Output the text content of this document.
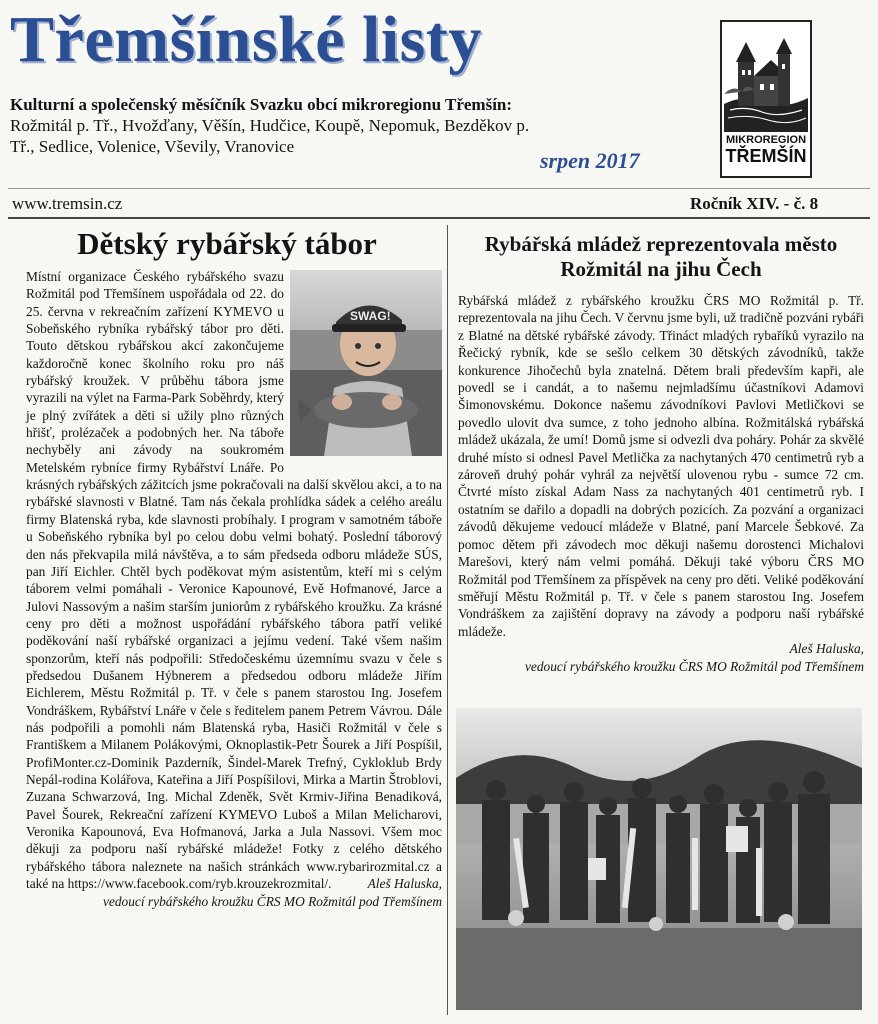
Třemšínské listy
Kulturní a společenský měsíčník Svazku obcí mikroregionu Třemšín: Rožmitál p. Tř., Hvožďany, Věšín, Hudčice, Koupě, Nepomuk, Bezděkov p. Tř., Sedlice, Volenice, Vševily, Vranovice
srpen 2017
MIKROREGION
TŘEMŠÍN
www.tremsin.cz	Ročník XIV. - č. 8
Dětský rybářský tábor
SWAG!
Místní organizace Českého rybářského svazu Rožmitál pod Třemšínem uspořádala od 22. do 25. června v rekreačním zařízení KYMEVO u Sobeňského rybníka rybářský tábor pro děti. Touto dětskou rybářskou akcí zakončujeme každoročně konec školního roku pro náš rybářský kroužek. V průběhu tábora jsme vyrazili na výlet na Farma-Park Soběhrdy, který je plný zvířátek a děti si užily plno různých hřišť, prolézaček a podobných her. Na táboře nechyběly ani závody na soukromém Metelském rybníce firmy Rybářství Lnáře. Po krásných rybářských zážitcích jsme pokračovali na další skvělou akci, a to na rybářské slavnosti v Blatné. Tam nás čekala prohlídka sádek a celého areálu firmy Blatenská ryba, kde slavnosti probíhaly. I program v samotném táboře u Sobeňského rybníka byl po celou dobu velmi bohatý. Poslední táborový den nás překvapila milá návštěva, a to sám předseda odboru mládeže SÚS, pan Jiří Eichler. Chtěl bych poděkovat mým asistentům, kteří mi s celým táborem velmi pomáhali - Veronice Kapounové, Evě Hofmanové, Jarce a Julovi Nassovým a našim starším juniorům z rybářského kroužku. Za krásné ceny pro děti a možnost uspořádání rybářského tábora patří veliké poděkování naší rybářské organizaci a jejímu vedení. Také všem našim sponzorům, kteří nás podpořili: Středočeskému územnímu svazu v čele s předsedou Dušanem Hýbnerem a předsedou odboru mládeže Jiřím Eichlerem, Městu Rožmitál p. Tř. v čele s panem starostou Ing. Josefem Vondráškem, Rybářství Lnáře v čele s ředitelem panem Petrem Vávrou. Dále nás podpořili a pomohli nám Blatenská ryba, Hasiči Rožmitál v čele s Františkem a Milanem Polákovými, Oknoplastik-Petr Šourek a Jiří Pospíšil, ProfiMonter.cz-Dominik Pazderník, Šindel-Marek Trefný, Cykloklub Brdy Nepál-rodina Kolářova, Kateřina a Jiří Pospíšilovi, Mirka a Martin Štroblovi, Zuzana Schwarzová, Ing. Michal Zdeněk, Svět Krmiv-Jiřina Benadiková, Pavel Šourek, Rekreační zařízení KYMEVO Luboš a Milan Melicharovi, Veronika Kapounová, Eva Hofmanová, Jarka a Jula Nassovi. Všem moc děkuji za podporu naší rybářské mládeže! Fotky z celého dětského rybářského tábora naleznete na našich stránkách www.rybarirozmital.cz a také na https://www.facebook.com/ryb.krouzekrozmital/.	Aleš Haluska,
vedoucí rybářského kroužku ČRS MO Rožmitál pod Třemšínem
Rybářská mládež reprezentovala město Rožmitál na jihu Čech
Rybářská mládež z rybářského kroužku ČRS MO Rožmitál p. Tř. reprezentovala na jihu Čech. V červnu jsme byli, už tradičně pozváni rybáři z Blatné na dětské rybářské závody. Třináct mladých rybaříků vyrazilo na Řečický rybník, kde se sešlo celkem 30 dětských závodníků, takže konkurence Jihočechů byla znatelná. Dětem brali především kapři, ale povedl se i candát, a to našemu nejmladšímu účastníkovi Adamovi Šimonovskému. Dokonce našemu závodníkovi Pavlovi Metličkovi se povedlo ulovit dva sumce, z toho jednoho albína. Rožmitálská rybářská mládež ukázala, že umí! Domů jsme si odvezli dva poháry. Pohár za skvělé druhé místo si odnesl Pavel Metlička za nachytaných 470 centimetrů ryb a zároveň druhý pohár vyhrál za největší ulovenou rybu - sumce 72 cm. Čtvrté místo získal Adam Nass za nachytaných 401 centimetrů ryb. I ostatním se dařilo a dopadli na dobrých pozicích. Za pozvání a organizaci závodů děkujeme vedoucí mládeže v Blatné, paní Marcele Šebkové. Za pomoc dětem při závodech moc děkuji našemu dorostenci Michalovi Marešovi, který nám velmi pomáhá. Děkuji také výboru ČRS MO Rožmitál pod Třemšínem za příspěvek na ceny pro děti. Veliké poděkování směřují Městu Rožmitál p. Tř. v čele s panem starostou Ing. Josefem Vondráškem za zajištění dopravy na závody a podporu naší rybářské mládeže.
Aleš Haluska,
vedoucí rybářského kroužku ČRS MO Rožmitál pod Třemšínem
